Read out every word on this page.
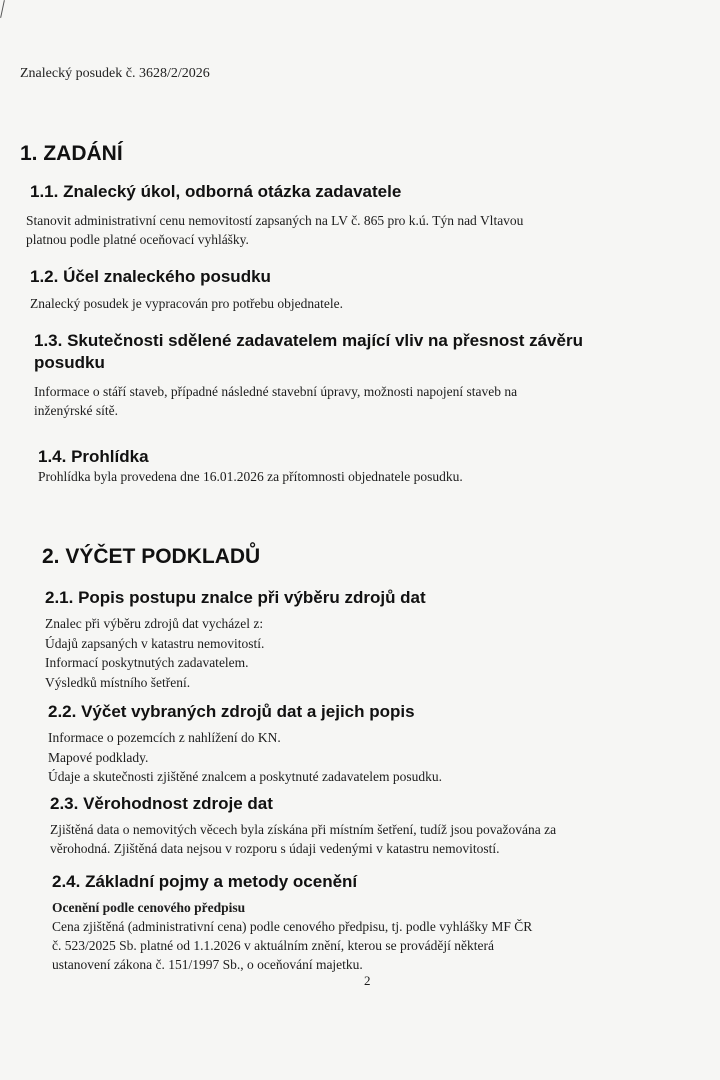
Znalecký posudek č. 3628/2/2026
1. ZADÁNÍ
1.1. Znalecký úkol, odborná otázka zadavatele
Stanovit administrativní cenu nemovitostí zapsaných na LV č. 865 pro k.ú. Týn nad Vltavou
platnou podle platné oceňovací vyhlášky.
1.2. Účel znaleckého posudku
Znalecký posudek je vypracován pro potřebu objednatele.
1.3. Skutečnosti sdělené zadavatelem mající vliv na přesnost závěru
posudku
Informace o stáří staveb, případné následné stavební úpravy, možnosti napojení staveb na
inženýrské sítě.
1.4. Prohlídka
Prohlídka byla provedena dne 16.01.2026 za přítomnosti objednatele posudku.
2. VÝČET PODKLADŮ
2.1. Popis postupu znalce při výběru zdrojů dat
Znalec při výběru zdrojů dat vycházel z:
Údajů zapsaných v katastru nemovitostí.
Informací poskytnutých zadavatelem.
Výsledků místního šetření.
2.2. Výčet vybraných zdrojů dat a jejich popis
Informace o pozemcích z nahlížení do KN.
Mapové podklady.
Údaje a skutečnosti zjištěné znalcem a poskytnuté zadavatelem posudku.
2.3. Věrohodnost zdroje dat
Zjištěná data o nemovitých věcech byla získána při místním šetření, tudíž jsou považována za
věrohodná. Zjištěná data nejsou v rozporu s údaji vedenými v katastru nemovitostí.
2.4. Základní pojmy a metody ocenění
Ocenění podle cenového předpisu
Cena zjištěná (administrativní cena) podle cenového předpisu, tj. podle vyhlášky MF ČR
č. 523/2025 Sb. platné od 1.1.2026 v aktuálním znění, kterou se provádějí některá
ustanovení zákona č. 151/1997 Sb., o oceňování majetku.
2
